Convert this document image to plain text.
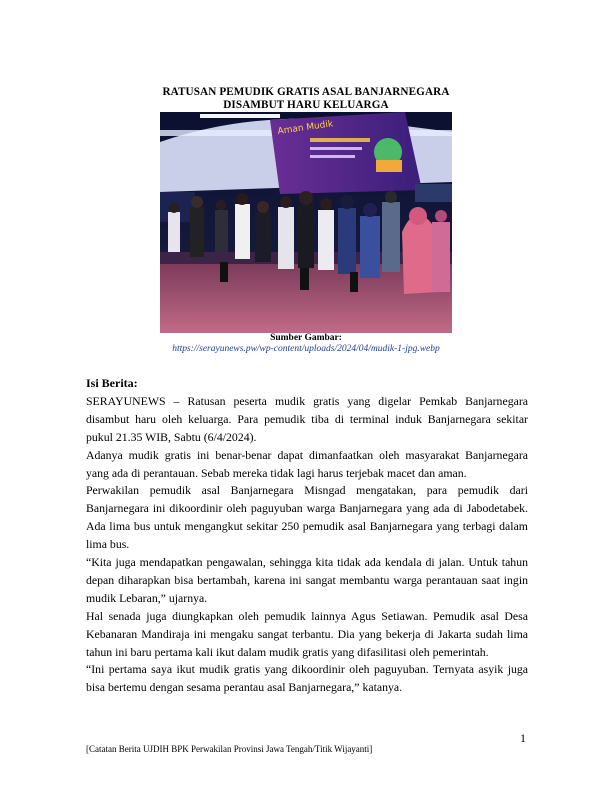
RATUSAN PEMUDIK GRATIS ASAL BANJARNEGARA
DISAMBUT HARU KELUARGA
Aman Mudik
Sumber Gambar:
https://serayunews.pw/wp-content/uploads/2024/04/mudik-1-jpg.webp
Isi Berita:
SERAYUNEWS – Ratusan peserta mudik gratis yang digelar Pemkab Banjarnegara
disambut haru oleh keluarga. Para pemudik tiba di terminal induk Banjarnegara sekitar
pukul 21.35 WIB, Sabtu (6/4/2024).
Adanya mudik gratis ini benar-benar dapat dimanfaatkan oleh masyarakat Banjarnegara
yang ada di perantauan. Sebab mereka tidak lagi harus terjebak macet dan aman.
Perwakilan pemudik asal Banjarnegara Misngad mengatakan, para pemudik dari
Banjarnegara ini dikoordinir oleh paguyuban warga Banjarnegara yang ada di Jabodetabek.
Ada lima bus untuk mengangkut sekitar 250 pemudik asal Banjarnegara yang terbagi dalam
lima bus.
“Kita juga mendapatkan pengawalan, sehingga kita tidak ada kendala di jalan. Untuk tahun
depan diharapkan bisa bertambah, karena ini sangat membantu warga perantauan saat ingin
mudik Lebaran,” ujarnya.
Hal senada juga diungkapkan oleh pemudik lainnya Agus Setiawan. Pemudik asal Desa
Kebanaran Mandiraja ini mengaku sangat terbantu. Dia yang bekerja di Jakarta sudah lima
tahun ini baru pertama kali ikut dalam mudik gratis yang difasilitasi oleh pemerintah.
“Ini pertama saya ikut mudik gratis yang dikoordinir oleh paguyuban. Ternyata asyik juga
bisa bertemu dengan sesama perantau asal Banjarnegara,” katanya.
1
[Catatan Berita UJDIH BPK Perwakilan Provinsi Jawa Tengah/Titik Wijayanti]
